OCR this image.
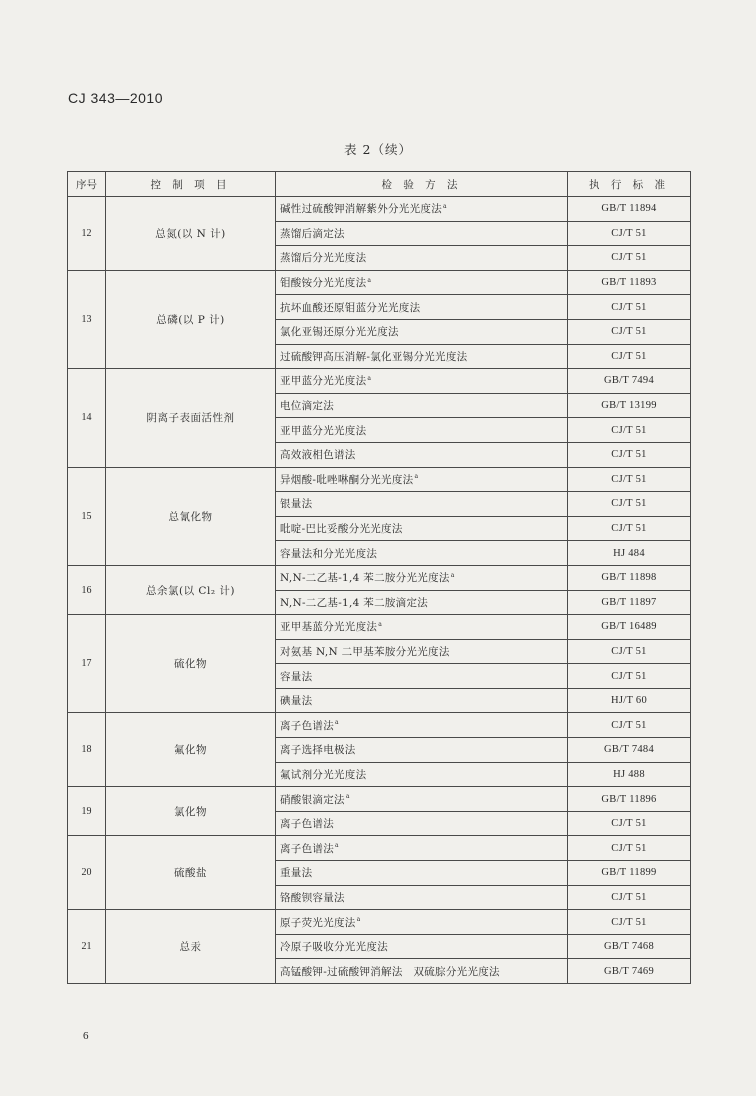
CJ 343—2010
表 2（续）
序号	控 制 项 目	检 验 方 法	执 行 标 准
12	总氮(以 N 计)	碱性过硫酸钾消解紫外分光光度法$^a$	GB/T 11894
		蒸馏后滴定法	CJ/T 51
		蒸馏后分光光度法	CJ/T 51
13	总磷(以 P 计)	钼酸铵分光光度法$^a$	GB/T 11893
		抗坏血酸还原钼蓝分光光度法	CJ/T 51
		氯化亚锡还原分光光度法	CJ/T 51
		过硫酸钾高压消解-氯化亚锡分光光度法	CJ/T 51
14	阴离子表面活性剂	亚甲蓝分光光度法$^a$	GB/T 7494
		电位滴定法	GB/T 13199
		亚甲蓝分光光度法	CJ/T 51
		高效液相色谱法	CJ/T 51
15	总氰化物	异烟酸-吡唑啉酮分光光度法$^a$	CJ/T 51
		银量法	CJ/T 51
		吡啶-巴比妥酸分光光度法	CJ/T 51
		容量法和分光光度法	HJ 484
16	总余氯(以 Cl₂ 计)	N,N-二乙基-1,4 苯二胺分光光度法$^a$	GB/T 11898
		N,N-二乙基-1,4 苯二胺滴定法	GB/T 11897
17	硫化物	亚甲基蓝分光光度法$^a$	GB/T 16489
		对氨基 N,N 二甲基苯胺分光光度法	CJ/T 51
		容量法	CJ/T 51
		碘量法	HJ/T 60
18	氟化物	离子色谱法$^a$	CJ/T 51
		离子选择电极法	GB/T 7484
		氟试剂分光光度法	HJ 488
19	氯化物	硝酸银滴定法$^a$	GB/T 11896
		离子色谱法	CJ/T 51
20	硫酸盐	离子色谱法$^a$	CJ/T 51
		重量法	GB/T 11899
		铬酸钡容量法	CJ/T 51
21	总汞	原子荧光光度法$^a$	CJ/T 51
		冷原子吸收分光光度法	GB/T 7468
		高锰酸钾-过硫酸钾消解法　双硫腙分光光度法	GB/T 7469
6
